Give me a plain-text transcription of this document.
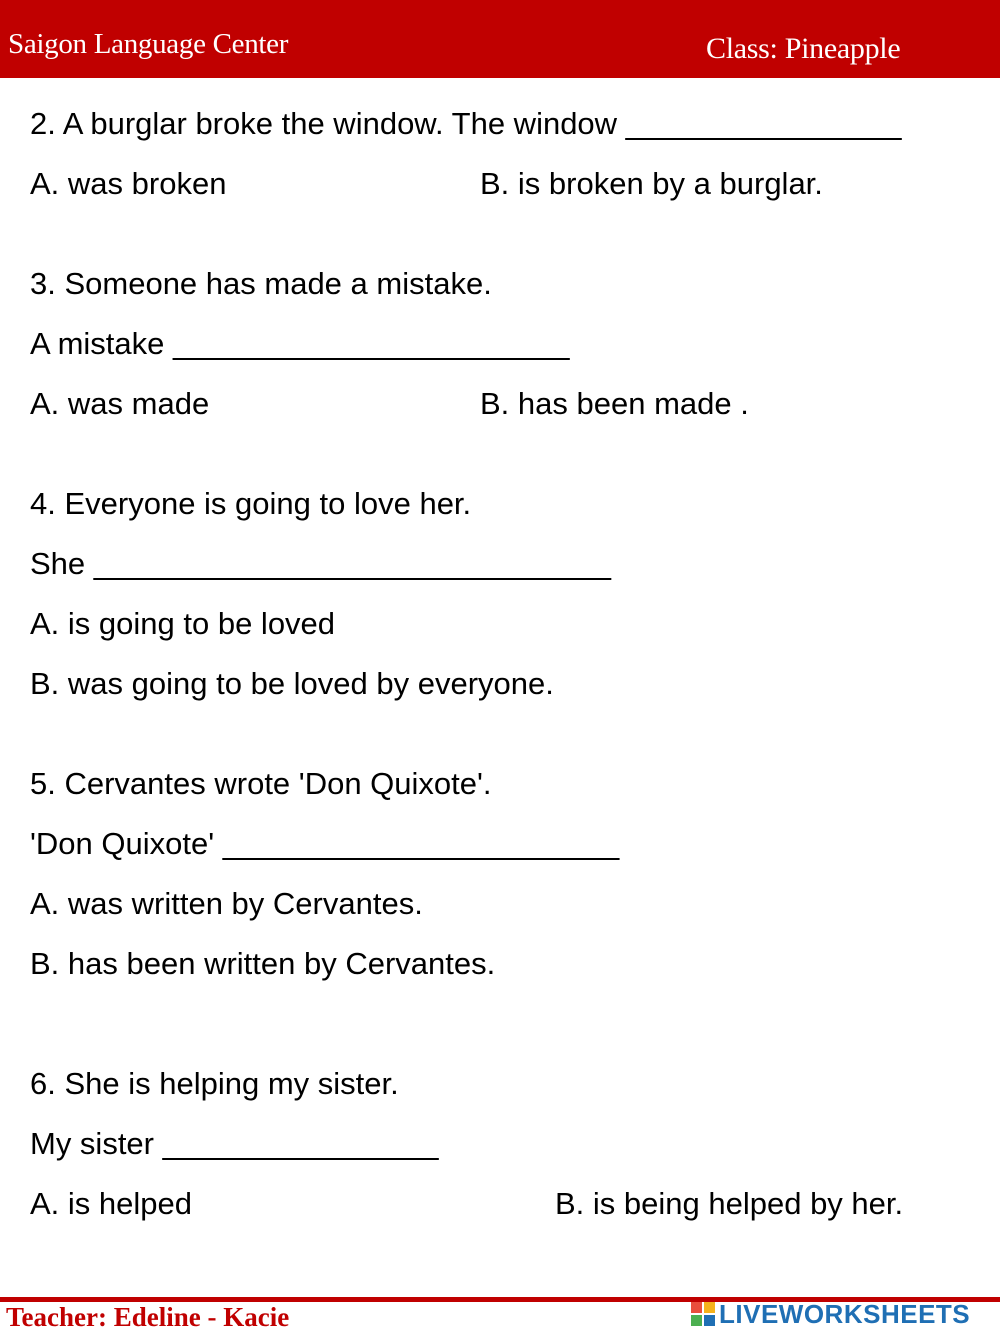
Saigon Language Center	Class: Pineapple
2. A burglar broke the window. The window ________________
A. was broken	B. is broken by a burglar.
3. Someone has made a mistake.
A mistake _______________________
A. was made	B. has been made .
4. Everyone is going to love her.
She ______________________________
A. is going to be loved
B. was going to be loved by everyone.
5. Cervantes wrote 'Don Quixote'.
'Don Quixote' _______________________
A. was written by Cervantes.
B. has been written by Cervantes.
6. She is helping my sister.
My sister ________________
A. is helped	B. is being helped by her.
Teacher: Edeline - Kacie	LIVEWORKSHEETS
